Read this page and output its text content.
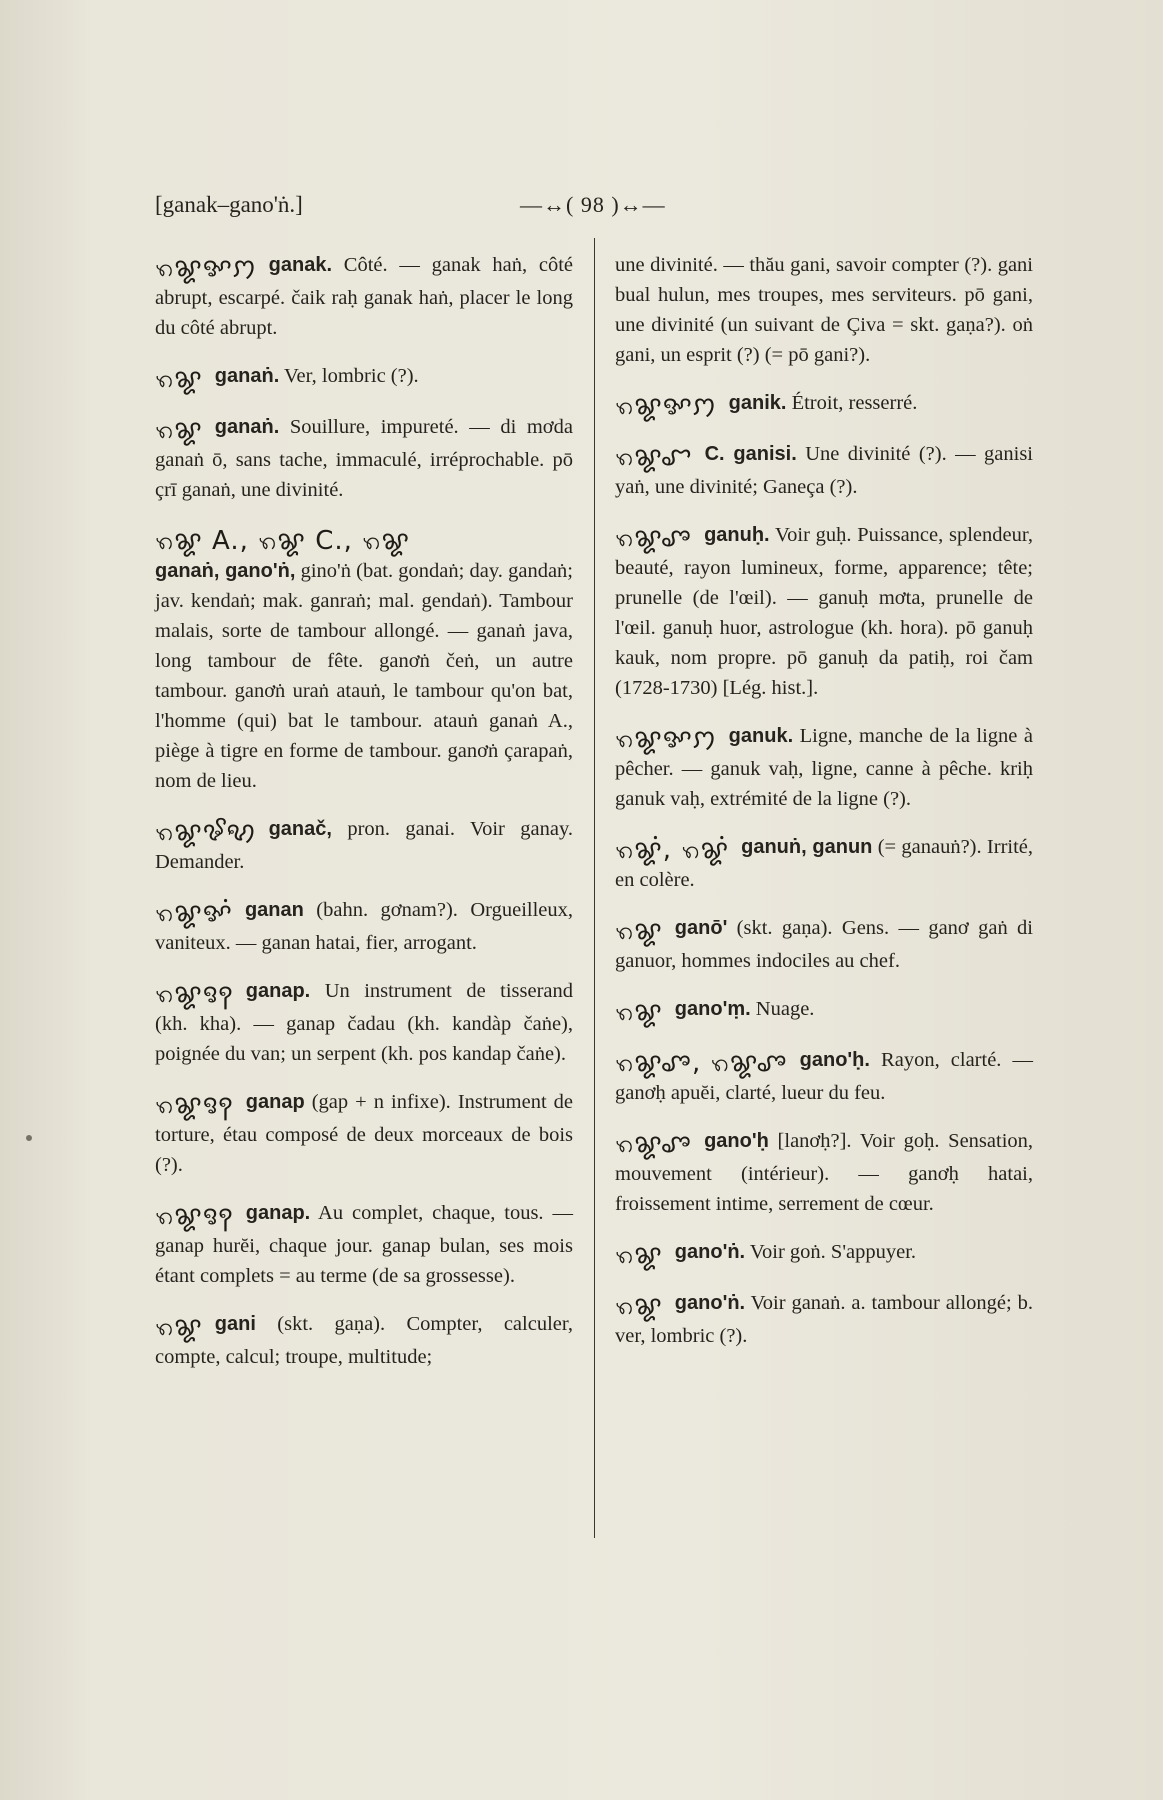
[ganak–gano'ṅ.]	—↔( 98 )↔—

ꩫꨘꨀꩀ ganak. Côté. — ganak haṅ, côté abrupt, escarpé. čaik raḥ ganak haṅ, placer le long du côté abrupt.

ꩫꨘ ganaṅ. Ver, lombric (?).

ꩫꨘ ganaṅ. Souillure, impureté. — di mơda ganaṅ ō, sans tache, immaculé, irréprochable. pō çrī ganaṅ, une divinité.

ꩫꨘ A., ꩫꨘ C., ꩫꨘ
ganaṅ, gano'ṅ, gino'ṅ (bat. gondaṅ; day. gandaṅ; jav. kendaṅ; mak. ganraṅ; mal. gendaṅ). Tambour malais, sorte de tambour allongé. — ganaṅ java, long tambour de fête. ganơṅ čeṅ, un autre tambour. ganơṅ uraṅ atauṅ, le tambour qu'on bat, l'homme (qui) bat le tambour. atauṅ ganaṅ A., piège à tigre en forme de tambour. ganơṅ çarapaṅ, nom de lieu.

ꩫꨘꨃꩋ ganač, pron. ganai. Voir ganay. Demander.

ꩫꨘꨀꩌ ganan (bahn. gơnam?). Orgueilleux, vaniteux. — ganan hatai, fier, arrogant.

ꩫꨘꨅꩍ ganap. Un instrument de tisserand (kh. kha). — ganap čadau (kh. kandàp čaṅe), poignée du van; un serpent (kh. pos kandap čaṅe).

ꩫꨘꨅꩍ ganap (gap + n infixe). Instrument de torture, étau composé de deux morceaux de bois (?).

ꩫꨘꨅꩍ ganap. Au complet, chaque, tous. — ganap hurĕi, chaque jour. ganap bulan, ses mois étant complets = au terme (de sa grossesse).

ꩫꨘ gani (skt. gaṇa). Compter, calculer, compte, calcul; troupe, multitude;

une divinité. — thău gani, savoir compter (?). gani bual hulun, mes troupes, mes serviteurs. pō gani, une divinité (un suivant de Çiva = skt. gaṇa?). oṅ gani, un esprit (?) (= pō gani?).

ꩫꨘꨀꩀ ganik. Étroit, resserré.

ꩫꨘꨧ C. ganisi. Une divinité (?). — ganisi yaṅ, une divinité; Ganeça (?).

ꩫꨘꨨ ganuḥ. Voir guḥ. Puissance, splendeur, beauté, rayon lumineux, forme, apparence; tête; prunelle (de l'œil). — ganuḥ mơta, prunelle de l'œil. ganuḥ huor, astrologue (kh. hora). pō ganuḥ kauk, nom propre. pō ganuḥ da patiḥ, roi čam (1728-1730) [Lég. hist.].

ꩫꨘꨀꩀ ganuk. Ligne, manche de la ligne à pêcher. — ganuk vaḥ, ligne, canne à pêche. kriḥ ganuk vaḥ, extrémité de la ligne (?).

ꩫꨘꩌ, ꩫꨘꩌ ganuṅ, ganun (= ganauṅ?). Irrité, en colère.

ꩫꨘ ganō' (skt. gaṇa). Gens. — ganơ gaṅ di ganuor, hommes indociles au chef.

ꩫꨘ gano'ṃ. Nuage.

ꩫꨘꨨ, ꩫꨘꨨ gano'ḥ. Rayon, clarté. — ganơḥ apuĕi, clarté, lueur du feu.

ꩫꨘꨨ gano'ḥ [lanơḥ?]. Voir goḥ. Sensation, mouvement (intérieur). — ganơḥ hatai, froissement intime, serrement de cœur.

ꩫꨘ gano'ṅ. Voir goṅ. S'appuyer.

ꩫꨘ gano'ṅ. Voir ganaṅ. a. tambour allongé; b. ver, lombric (?).
